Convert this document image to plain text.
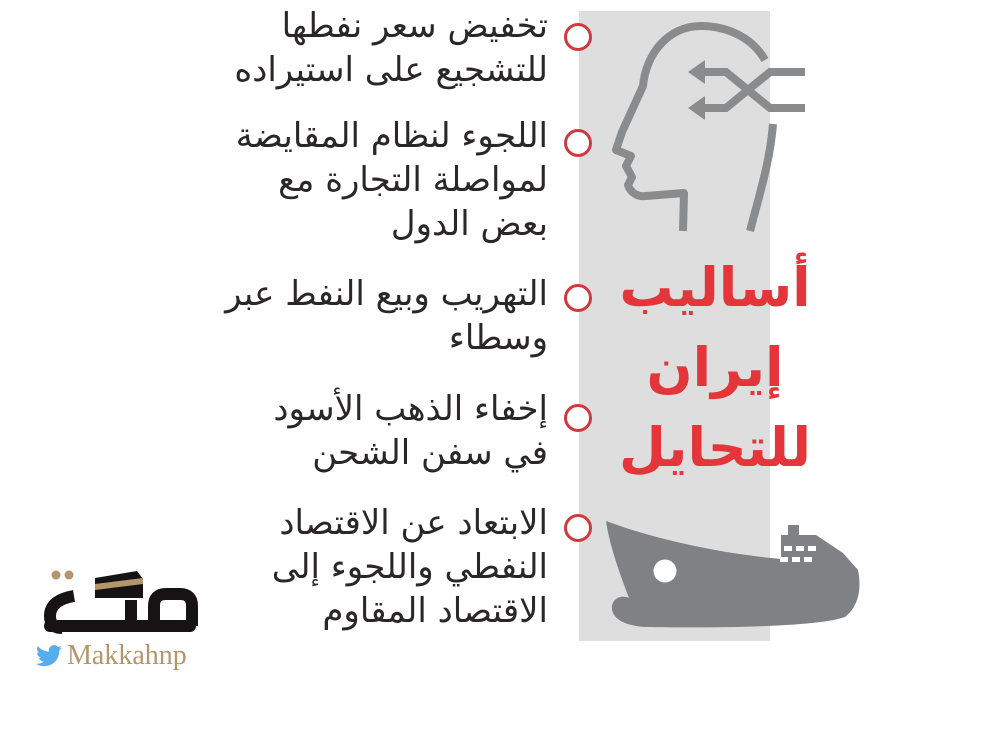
أساليب
إيران
للتحايل
تخفيض سعر نفطها
للتشجيع على استيراده
اللجوء لنظام المقايضة
لمواصلة التجارة مع
بعض الدول
التهريب وبيع النفط عبر
وسطاء
إخفاء الذهب الأسود
في سفن الشحن
الابتعاد عن الاقتصاد
النفطي واللجوء إلى
الاقتصاد المقاوم
Makkahnp
